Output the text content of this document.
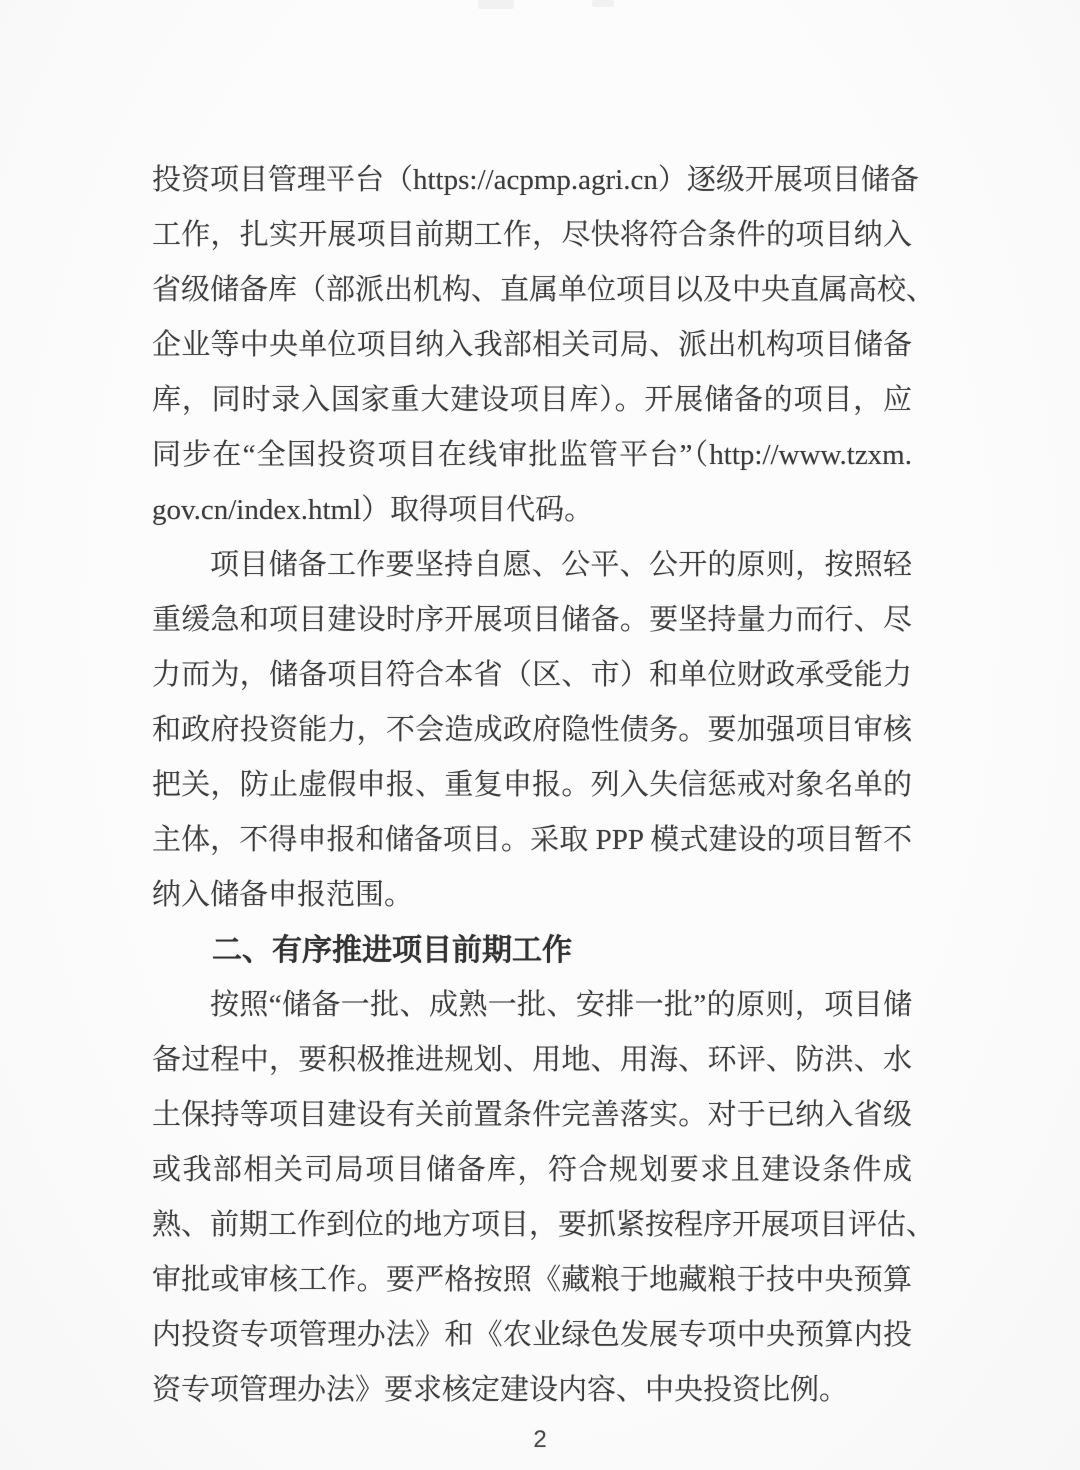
投资项目管理平台（https://acpmp.agri.cn）逐级开展项目储备
工作，扎实开展项目前期工作，尽快将符合条件的项目纳入
省级储备库（部派出机构、直属单位项目以及中央直属高校、
企业等中央单位项目纳入我部相关司局、派出机构项目储备
库，同时录入国家重大建设项目库）。开展储备的项目，应
同步在“全国投资项目在线审批监管平台”（http://www.tzxm.
gov.cn/index.html）取得项目代码。
项目储备工作要坚持自愿、公平、公开的原则，按照轻
重缓急和项目建设时序开展项目储备。要坚持量力而行、尽
力而为，储备项目符合本省（区、市）和单位财政承受能力
和政府投资能力，不会造成政府隐性债务。要加强项目审核
把关，防止虚假申报、重复申报。列入失信惩戒对象名单的
主体，不得申报和储备项目。采取 PPP 模式建设的项目暂不
纳入储备申报范围。
二、有序推进项目前期工作
按照“储备一批、成熟一批、安排一批”的原则，项目储
备过程中，要积极推进规划、用地、用海、环评、防洪、水
土保持等项目建设有关前置条件完善落实。对于已纳入省级
或我部相关司局项目储备库，符合规划要求且建设条件成
熟、前期工作到位的地方项目，要抓紧按程序开展项目评估、
审批或审核工作。要严格按照《藏粮于地藏粮于技中央预算
内投资专项管理办法》和《农业绿色发展专项中央预算内投
资专项管理办法》要求核定建设内容、中央投资比例。
2
